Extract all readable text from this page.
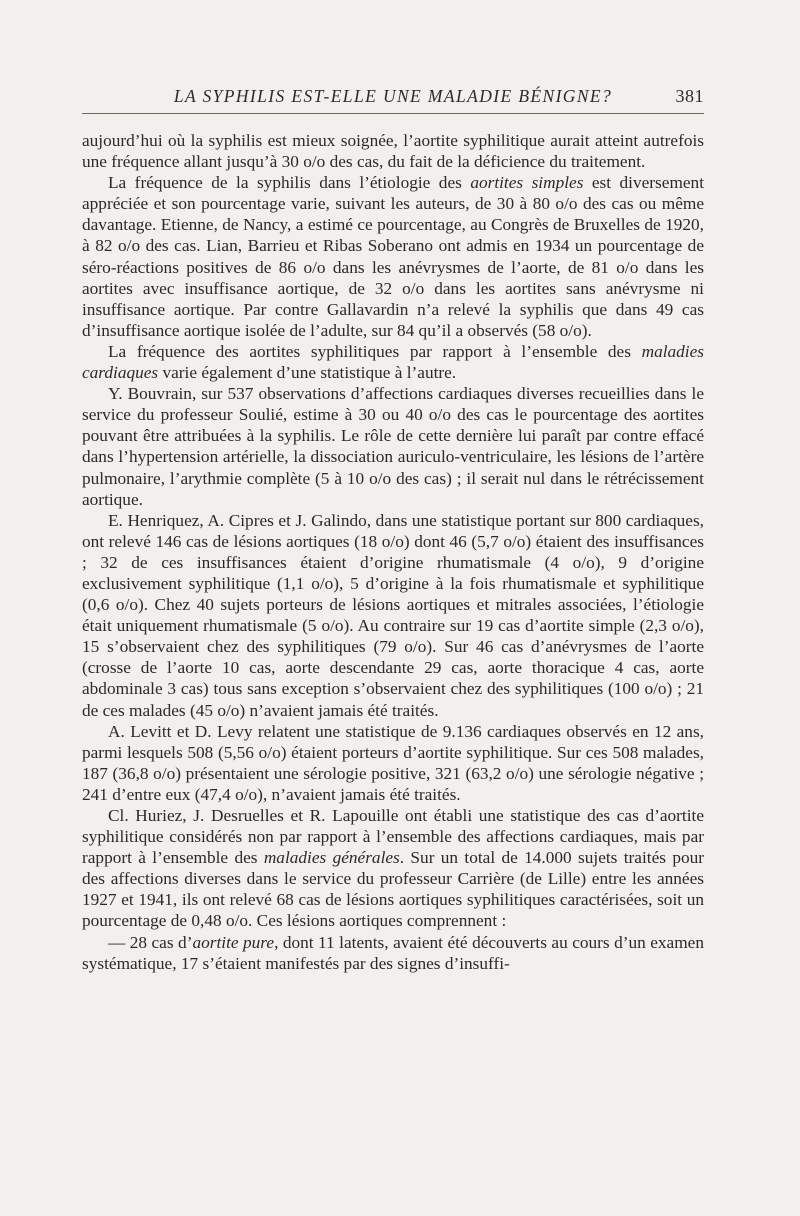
LA SYPHILIS EST-ELLE UNE MALADIE BÉNIGNE?	381

aujourd’hui où la syphilis est mieux soignée, l’aortite syphilitique aurait atteint autrefois une fréquence allant jusqu’à 30 o/o des cas, du fait de la déficience du traitement.

La fréquence de la syphilis dans l’étiologie des aortites simples est diversement appréciée et son pourcentage varie, suivant les auteurs, de 30 à 80 o/o des cas ou même davantage. Etienne, de Nancy, a estimé ce pourcentage, au Congrès de Bruxelles de 1920, à 82 o/o des cas. Lian, Barrieu et Ribas Soberano ont admis en 1934 un pourcentage de séro-réactions positives de 86 o/o dans les anévrysmes de l’aorte, de 81 o/o dans les aortites avec insuffisance aortique, de 32 o/o dans les aortites sans anévrysme ni insuffisance aortique. Par contre Gallavardin n’a relevé la syphilis que dans 49 cas d’insuffisance aortique isolée de l’adulte, sur 84 qu’il a observés (58 o/o).

La fréquence des aortites syphilitiques par rapport à l’ensemble des maladies cardiaques varie également d’une statistique à l’autre.

Y. Bouvrain, sur 537 observations d’affections cardiaques diverses recueillies dans le service du professeur Soulié, estime à 30 ou 40 o/o des cas le pourcentage des aortites pouvant être attribuées à la syphilis. Le rôle de cette dernière lui paraît par contre effacé dans l’hypertension artérielle, la dissociation auriculo-ventriculaire, les lésions de l’artère pulmonaire, l’arythmie complète (5 à 10 o/o des cas) ; il serait nul dans le rétrécissement aortique.

E. Henriquez, A. Cipres et J. Galindo, dans une statistique portant sur 800 cardiaques, ont relevé 146 cas de lésions aortiques (18 o/o) dont 46 (5,7 o/o) étaient des insuffisances ; 32 de ces insuffisances étaient d’origine rhumatismale (4 o/o), 9 d’origine exclusivement syphilitique (1,1 o/o), 5 d’origine à la fois rhumatismale et syphilitique (0,6 o/o). Chez 40 sujets porteurs de lésions aortiques et mitrales associées, l’étiologie était uniquement rhumatismale (5 o/o). Au contraire sur 19 cas d’aortite simple (2,3 o/o), 15 s’observaient chez des syphilitiques (79 o/o). Sur 46 cas d’anévrysmes de l’aorte (crosse de l’aorte 10 cas, aorte descendante 29 cas, aorte thoracique 4 cas, aorte abdominale 3 cas) tous sans exception s’observaient chez des syphilitiques (100 o/o) ; 21 de ces malades (45 o/o) n’avaient jamais été traités.

A. Levitt et D. Levy relatent une statistique de 9.136 cardiaques observés en 12 ans, parmi lesquels 508 (5,56 o/o) étaient porteurs d’aortite syphilitique. Sur ces 508 malades, 187 (36,8 o/o) présentaient une sérologie positive, 321 (63,2 o/o) une sérologie négative ; 241 d’entre eux (47,4 o/o), n’avaient jamais été traités.

Cl. Huriez, J. Desruelles et R. Lapouille ont établi une statistique des cas d’aortite syphilitique considérés non par rapport à l’ensemble des affections cardiaques, mais par rapport à l’ensemble des maladies générales. Sur un total de 14.000 sujets traités pour des affections diverses dans le service du professeur Carrière (de Lille) entre les années 1927 et 1941, ils ont relevé 68 cas de lésions aortiques syphilitiques caractérisées, soit un pourcentage de 0,48 o/o. Ces lésions aortiques comprennent :

— 28 cas d’aortite pure, dont 11 latents, avaient été découverts au cours d’un examen systématique, 17 s’étaient manifestés par des signes d’insuffi-
